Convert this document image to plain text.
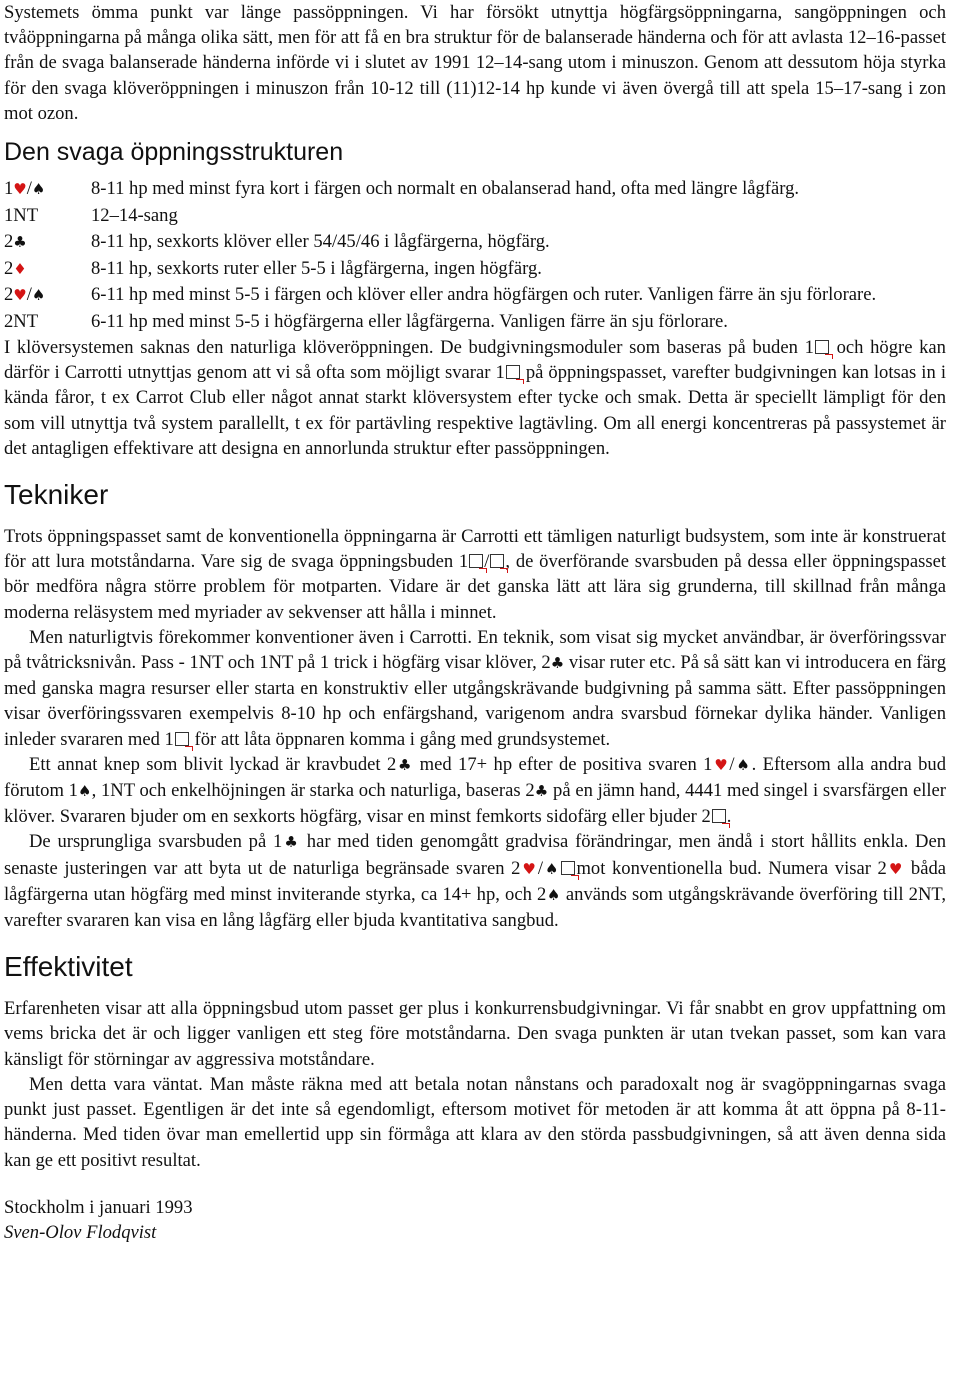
Systemets ömma punkt var länge passöppningen. Vi har försökt utnyttja högfärgsöppningarna, sangöppningen och tvåöppningarna på många olika sätt, men för att få en bra struktur för de balanserade händerna och för att avlasta 12–16-passet från de svaga balanserade händerna införde vi i slutet av 1991 12–14-sang utom i minuszon. Genom att dessutom höja styrka för den svaga klöveröppningen i minuszon från 10-12 till (11)12-14 hp kunde vi även övergå till att spela 15–17-sang i zon mot ozon.

Den svaga öppningsstrukturen
1♥/♠	8-11 hp med minst fyra kort i färgen och normalt en obalanserad hand, ofta med längre lågfärg.
1NT	12–14-sang
2♣	8-11 hp, sexkorts klöver eller 54/45/46 i lågfärgerna, högfärg.
2♦	8-11 hp, sexkorts ruter eller 5-5 i lågfärgerna, ingen högfärg.
2♥/♠	6-11 hp med minst 5-5 i färgen och klöver eller andra högfärgen och ruter. Vanligen färre än sju förlorare.
2NT	6-11 hp med minst 5-5 i högfärgerna eller lågfärgerna. Vanligen färre än sju förlorare.

I klöversystemen saknas den naturliga klöveröppningen. De budgivningsmoduler som baseras på buden 1 och högre kan därför i Carrotti utnyttjas genom att vi så ofta som möjligt svarar 1 på öppningspasset, varefter budgivningen kan lotsas in i kända fåror, t ex Carrot Club eller något annat starkt klöversystem efter tycke och smak. Detta är speciellt lämpligt för den som vill utnyttja två system parallellt, t ex för partävling respektive lagtävling. Om all energi koncentreras på passystemet är det antagligen effektivare att designa en annorlunda struktur efter passöppningen.

Tekniker

Trots öppningspasset samt de konventionella öppningarna är Carrotti ett tämligen naturligt budsystem, som inte är konstruerat för att lura motståndarna. Vare sig de svaga öppningsbuden 1 / , de överförande svarsbuden på dessa eller öppningspasset bör medföra några större problem för motparten. Vidare är det ganska lätt att lära sig grunderna, till skillnad från många moderna reläsystem med myriader av sekvenser att hålla i minnet.

Men naturligtvis förekommer konventioner även i Carrotti. En teknik, som visat sig mycket användbar, är överföringssvar på tvåtricksnivån. Pass - 1NT och 1NT på 1 trick i högfärg visar klöver, 2♣ visar ruter etc. På så sätt kan vi introducera en färg med ganska magra resurser eller starta en konstruktiv eller utgångskrävande budgivning på samma sätt. Efter passöppningen visar överföringssvaren exempelvis 8-10 hp och enfärgshand, varigenom andra svarsbud förnekar dylika händer. Vanligen inleder svararen med 1 för att låta öppnaren komma i gång med grundsystemet.

Ett annat knep som blivit lyckad är kravbudet 2♣ med 17+ hp efter de positiva svaren 1♥/♠. Eftersom alla andra bud förutom 1♠, 1NT och enkelhöjningen är starka och naturliga, baseras 2♣ på en jämn hand, 4441 med singel i svarsfärgen eller klöver. Svararen bjuder om en sexkorts högfärg, visar en minst femkorts sidofärg eller bjuder 2 .

De ursprungliga svarsbuden på 1♣ har med tiden genomgått gradvisa förändringar, men ändå i stort hållits enkla. Den senaste justeringen var att byta ut de naturliga begränsade svaren 2♥/♠ mot konventionella bud. Numera visar 2♥ båda lågfärgerna utan högfärg med minst inviterande styrka, ca 14+ hp, och 2♠ används som utgångskrävande överföring till 2NT, varefter svararen kan visa en lång lågfärg eller bjuda kvantitativa sangbud.

Effektivitet

Erfarenheten visar att alla öppningsbud utom passet ger plus i konkurrensbudgivningar. Vi får snabbt en grov uppfattning om vems bricka det är och ligger vanligen ett steg före motståndarna. Den svaga punkten är utan tvekan passet, som kan vara känsligt för störningar av aggressiva motståndare.

Men detta vara väntat. Man måste räkna med att betala notan nånstans och paradoxalt nog är svagöppningarnas svaga punkt just passet. Egentligen är det inte så egendomligt, eftersom motivet för metoden är att komma åt att öppna på 8-11-händerna. Med tiden övar man emellertid upp sin förmåga att klara av den störda passbudgivningen, så att även denna sida kan ge ett positivt resultat.

Stockholm i januari 1993

Sven-Olov Flodqvist
